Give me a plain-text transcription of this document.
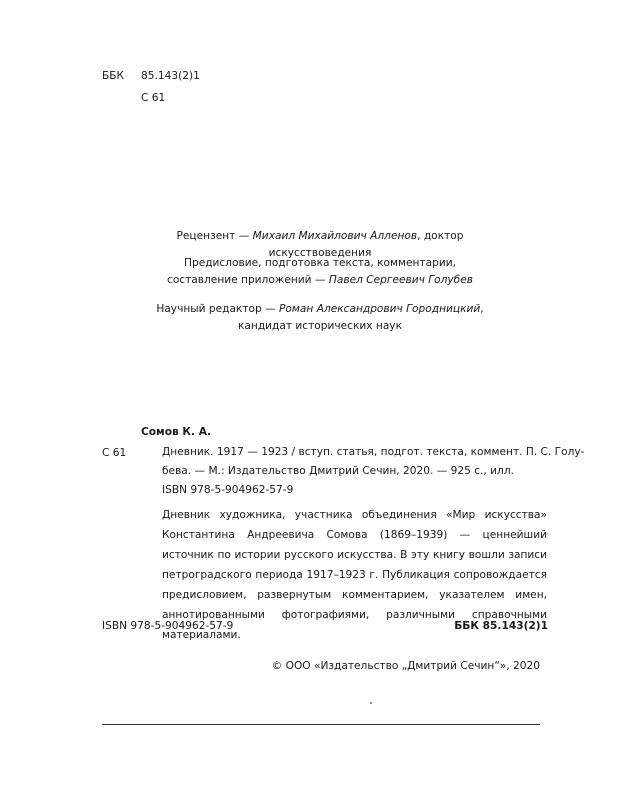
ББК 85.143(2)1
С 61
Рецензент — Михаил Михайлович Алленов, доктор искусствоведения
Предисловие, подготовка текста, комментарии,
составление приложений — Павел Сергеевич Голубев
Научный редактор — Роман Александрович Городницкий,
кандидат исторических наук
Сомов К. А.
С 61	Дневник. 1917 — 1923 / вступ. статья, подгот. текста, коммент. П. С. Голу-
бева. — М.: Издательство Дмитрий Сечин, 2020. — 925 с., илл.
ISBN 978-5-904962-57-9
Дневник художника, участника объединения «Мир искусства» Константина Андреевича Сомова (1869–1939) — ценнейший источник по истории русского искусства. В эту книгу вошли записи петроградского периода 1917–1923 г. Публикация сопровождается предисловием, развернутым комментарием, указателем имен, аннотированными фотографиями, различными справочными материалами.
ISBN 978-5-904962-57-9	ББК 85.143(2)1
© ООО «Издательство „Дмитрий Сечин“», 2020
